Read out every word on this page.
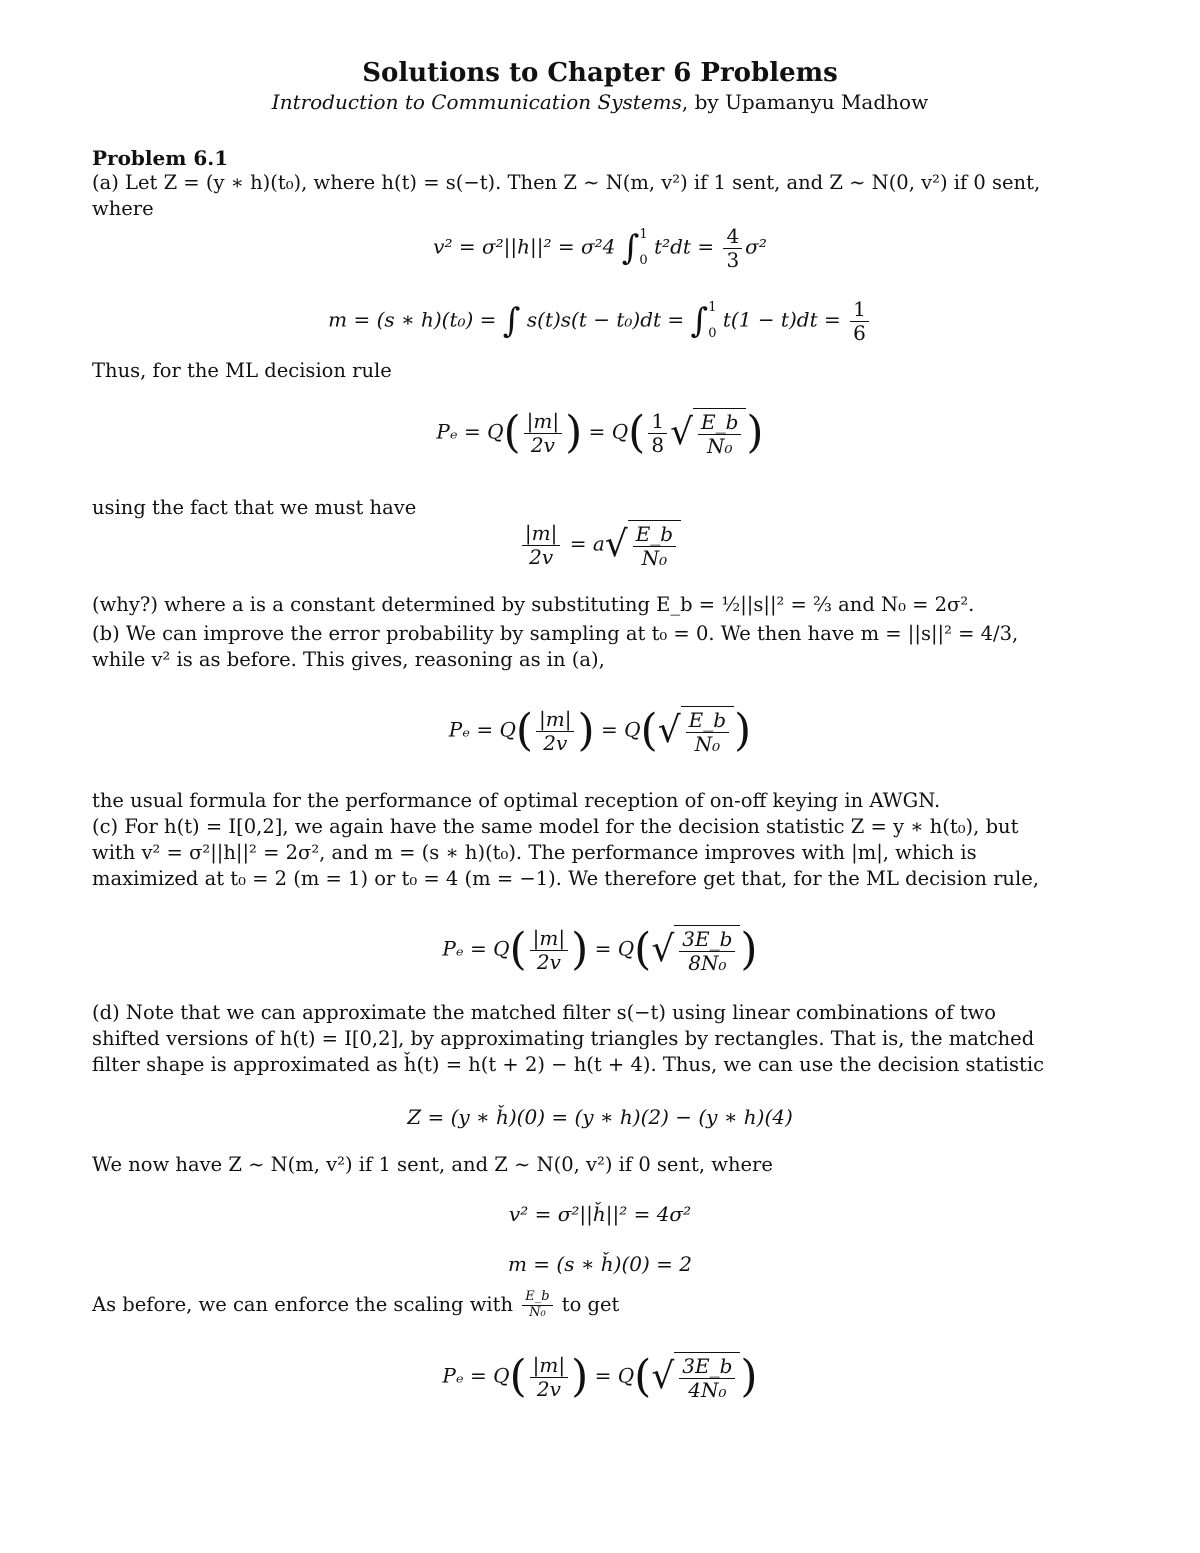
Solutions to Chapter 6 Problems
Introduction to Communication Systems, by Upamanyu Madhow
Problem 6.1
(a) Let Z = (y ∗ h)(t₀), where h(t) = s(−t). Then Z ∼ N(m, v²) if 1 sent, and Z ∼ N(0, v²) if 0 sent, where
v² = σ²||h||² = σ²4 ∫ 1
0
$t^2dt = \frac{4}{3} \sigma^2$
m = (s ∗ h)(t₀) = ∫ s(t)s(t − t₀)dt = ∫ 1
0
$t(1 - t)dt = \frac{1}{6}$
Thus, for the ML decision rule
$P_e = Q( \frac{|m|}{2v}$ ) = $Q( \frac{1}{8}$ √ $\frac{E\_b}{\text{N₀}}$ )
using the fact that we must have
$\frac{|m|}{2v} = a$ √ $\frac{E\_b}{\text{N₀}}$
(why?) where a is a constant determined by substituting E_b = ½||s||² = ⅔ and N₀ = 2σ².
(b) We can improve the error probability by sampling at t₀ = 0. We then have m = ||s||² = 4/3, while v² is as before. This gives, reasoning as in (a),
$P_e = Q( \frac{|m|}{2v}$ ) = Q( √ $\frac{E\_b}{\text{N₀}}$ )
the usual formula for the performance of optimal reception of on-off keying in AWGN.
(c) For h(t) = I[0,2], we again have the same model for the decision statistic Z = y ∗ h(t₀), but with v² = σ²||h||² = 2σ², and m = (s ∗ h)(t₀). The performance improves with |m|, which is maximized at t₀ = 2 (m = 1) or t₀ = 4 (m = −1). We therefore get that, for the ML decision rule,
$P_e = Q( \frac{|m|}{2v}$ ) = Q( √ $\frac{3E\_b}{\text{8N₀}}$ )
(d) Note that we can approximate the matched filter s(−t) using linear combinations of two shifted versions of h(t) = I[0,2], by approximating triangles by rectangles. That is, the matched filter shape is approximated as ȟ(t) = h(t + 2) − h(t + 4). Thus, we can use the decision statistic
Z = (y ∗ ȟ)(0) = (y ∗ h)(2) − (y ∗ h)(4)
We now have Z ∼ N(m, v²) if 1 sent, and Z ∼ N(0, v²) if 0 sent, where
v² = σ²||ȟ||² = 4σ²
m = (s ∗ ȟ)(0) = 2
As before, we can enforce the scaling with $\frac{E\_b}{\text{N₀}}$ to get
$P_e = Q( \frac{|m|}{2v}$ ) = Q( √ $\frac{3E\_b}{\text{4N₀}}$ )
